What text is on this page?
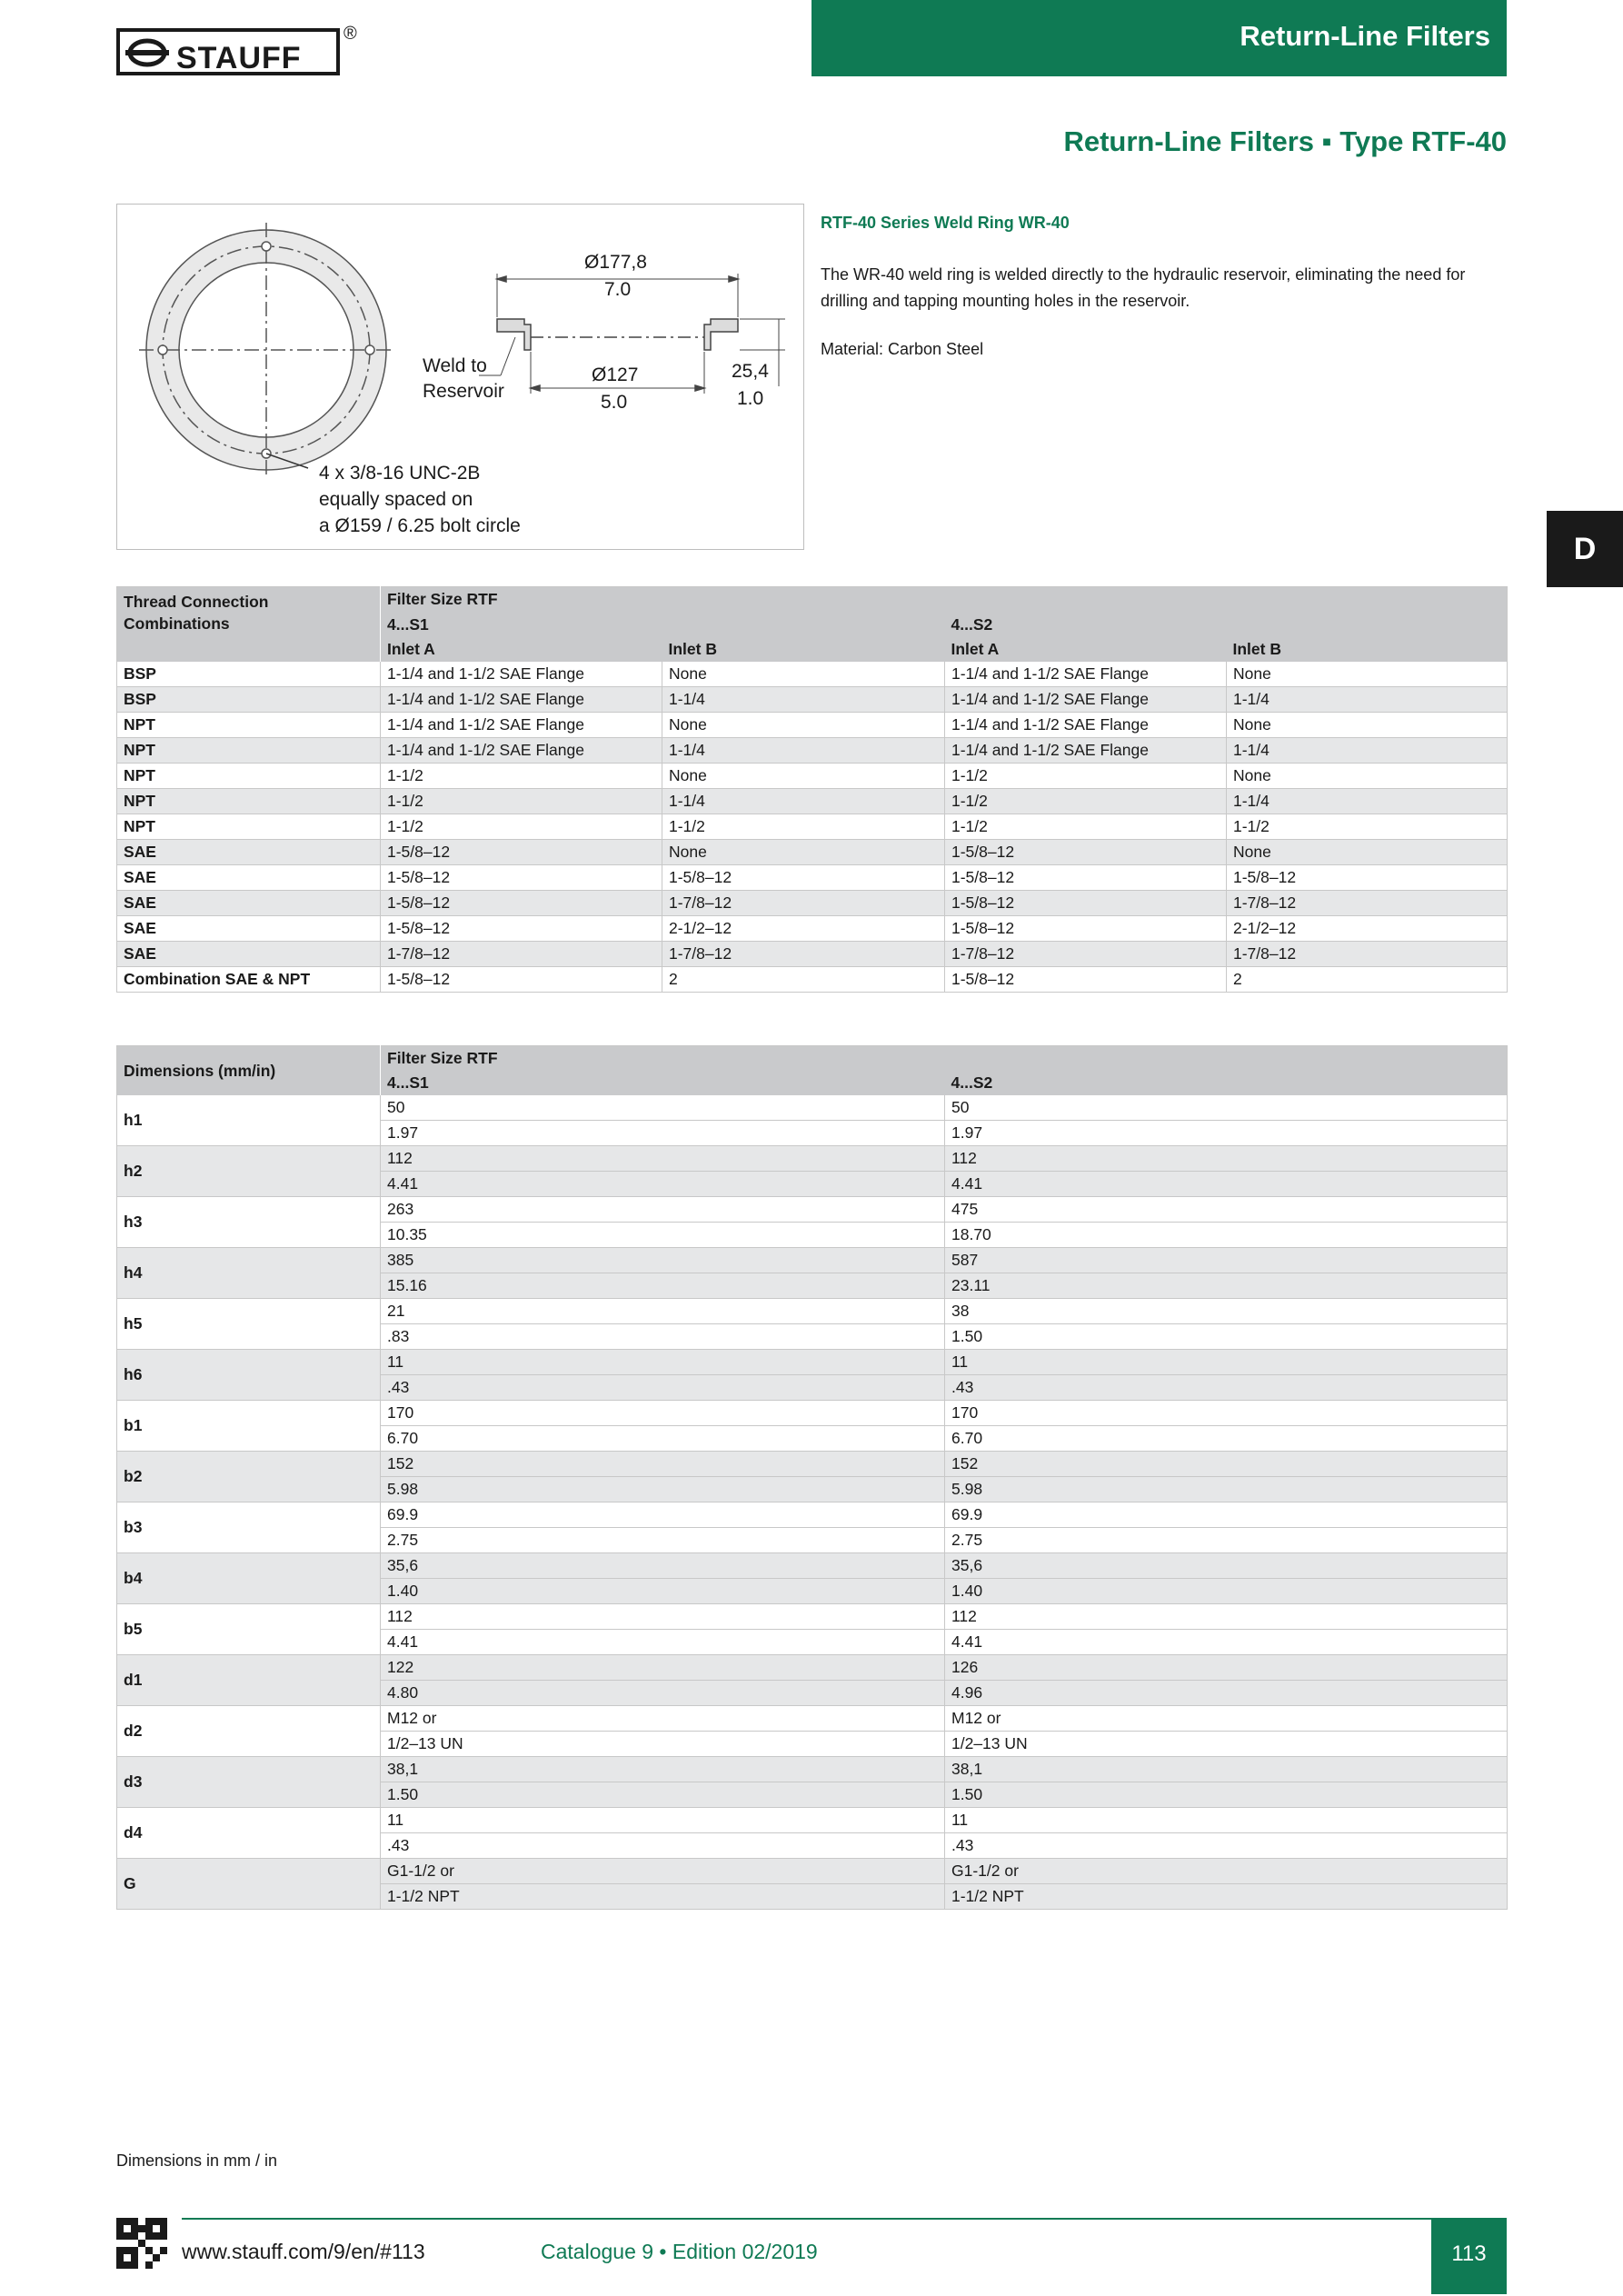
STAUFF
®	Return-Line Filters
Return-Line Filters ▪ Type RTF-40
Ø177,8
7.0
Weld to
Reservoir
Ø127
5.0
25,4
1.0
4 x 3/8-16 UNC-2B
equally spaced on
a Ø159 / 6.25 bolt circle
RTF-40 Series Weld Ring WR-40
The WR-40 weld ring is welded directly to the hydraulic reservoir, eliminating the need for drilling and tapping mounting holes in the reservoir.
Material: Carbon Steel
D
Thread Connection Combinations	Filter Size RTF			
	4...S1		4...S2	
	Inlet A	Inlet B	Inlet A	Inlet B
BSP	1-1/4 and 1-1/2 SAE Flange	None	1-1/4 and 1-1/2 SAE Flange	None
BSP	1-1/4 and 1-1/2 SAE Flange	1-1/4	1-1/4 and 1-1/2 SAE Flange	1-1/4
NPT	1-1/4 and 1-1/2 SAE Flange	None	1-1/4 and 1-1/2 SAE Flange	None
NPT	1-1/4 and 1-1/2 SAE Flange	1-1/4	1-1/4 and 1-1/2 SAE Flange	1-1/4
NPT	1-1/2	None	1-1/2	None
NPT	1-1/2	1-1/4	1-1/2	1-1/4
NPT	1-1/2	1-1/2	1-1/2	1-1/2
SAE	1-5/8–12	None	1-5/8–12	None
SAE	1-5/8–12	1-5/8–12	1-5/8–12	1-5/8–12
SAE	1-5/8–12	1-7/8–12	1-5/8–12	1-7/8–12
SAE	1-5/8–12	2-1/2–12	1-5/8–12	2-1/2–12
SAE	1-7/8–12	1-7/8–12	1-7/8–12	1-7/8–12
Combination SAE & NPT	1-5/8–12	2	1-5/8–12	2
Dimensions (mm/in)	Filter Size RTF	
	4...S1	4...S2
h1	50	50
	1.97	1.97
h2	112	112
	4.41	4.41
h3	263	475
	10.35	18.70
h4	385	587
	15.16	23.11
h5	21	38
	.83	1.50
h6	11	11
	.43	.43
b1	170	170
	6.70	6.70
b2	152	152
	5.98	5.98
b3	69.9	69.9
	2.75	2.75
b4	35,6	35,6
	1.40	1.40
b5	112	112
	4.41	4.41
d1	122	126
	4.80	4.96
d2	M12 or	M12 or
	1/2–13 UN	1/2–13 UN
d3	38,1	38,1
	1.50	1.50
d4	11	11
	.43	.43
G	G1-1/2 or	G1-1/2 or
	1-1/2 NPT	1-1/2 NPT
Dimensions in mm / in
www.stauff.com/9/en/#113	Catalogue 9 • Edition 02/2019	113
